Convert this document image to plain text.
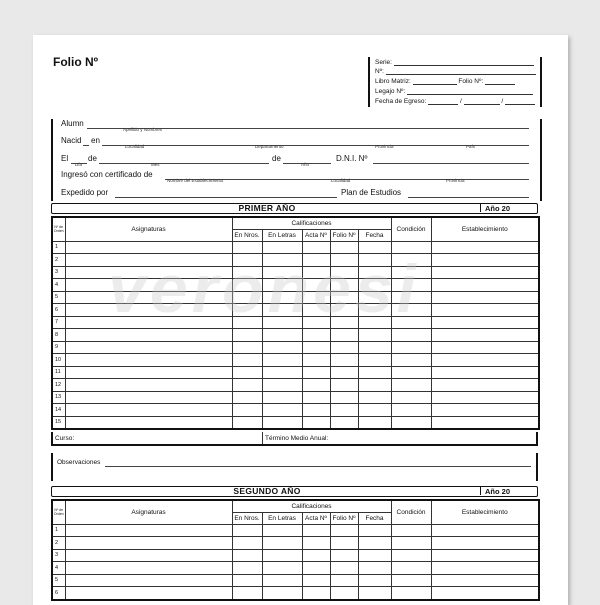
Folio Nº	Serie:
Nº:
Libro Matriz:	Folio Nº:
Legajo Nº:
Fecha de Egreso:	/	/
Alumn
Apellido y Nombres
Nacid en
Localidad	Departamento	Provincia	País
El de	de	D.N.I. Nº
Día	Mes	Año
Ingresó con certificado de
Nombre del Establecimiento	Localidad	Provincia
Expedido por	Plan de Estudios
PRIMER AÑO	Año 20
Nº de Orden	Asignaturas	Calificaciones					Condición	Establecimiento
		En Nros.	En Letras	Acta Nº	Folio Nº	Fecha		
1								
2								
3								
4								
5								
6								
7								
8								
9								
10								
11								
12								
13								
14								
15								
Curso:	Término Medio Anual:
Observaciones
SEGUNDO AÑO	Año 20
Nº de Orden	Asignaturas	Calificaciones					Condición	Establecimiento
		En Nros.	En Letras	Acta Nº	Folio Nº	Fecha		
1								
2								
3								
4								
5								
6								
veronesi
